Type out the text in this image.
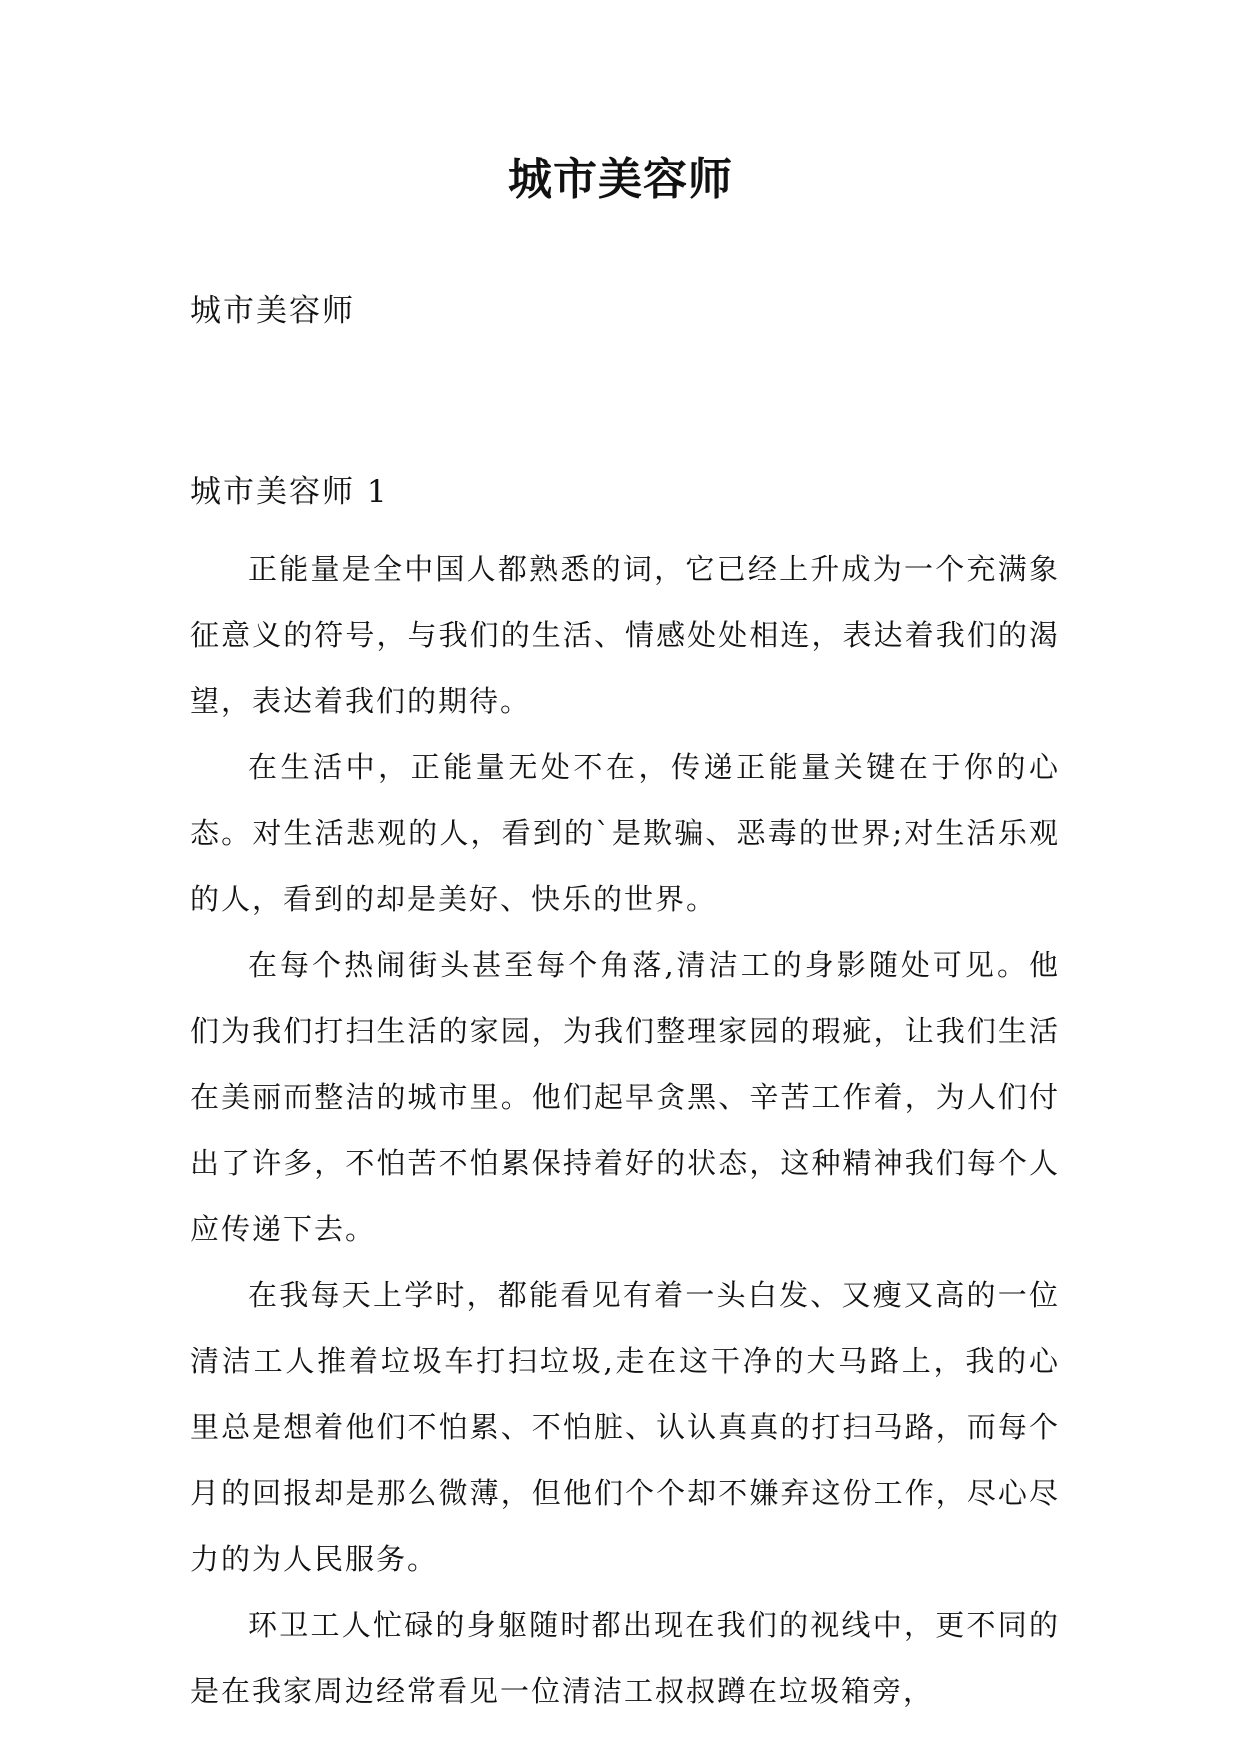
城市美容师

城市美容师

城市美容师 1

正能量是全中国人都熟悉的词，它已经上升成为一个充满象征意义的符号，与我们的生活、情感处处相连，表达着我们的渴望，表达着我们的期待。

在生活中，正能量无处不在，传递正能量关键在于你的心态。对生活悲观的人，看到的`是欺骗、恶毒的世界;对生活乐观的人，看到的却是美好、快乐的世界。

在每个热闹街头甚至每个角落,清洁工的身影随处可见。他们为我们打扫生活的家园，为我们整理家园的瑕疵，让我们生活在美丽而整洁的城市里。他们起早贪黑、辛苦工作着，为人们付出了许多，不怕苦不怕累保持着好的状态，这种精神我们每个人应传递下去。

在我每天上学时，都能看见有着一头白发、又瘦又高的一位清洁工人推着垃圾车打扫垃圾,走在这干净的大马路上，我的心里总是想着他们不怕累、不怕脏、认认真真的打扫马路，而每个月的回报却是那么微薄，但他们个个却不嫌弃这份工作，尽心尽力的为人民服务。

环卫工人忙碌的身躯随时都出现在我们的视线中，更不同的是在我家周边经常看见一位清洁工叔叔蹲在垃圾箱旁，
